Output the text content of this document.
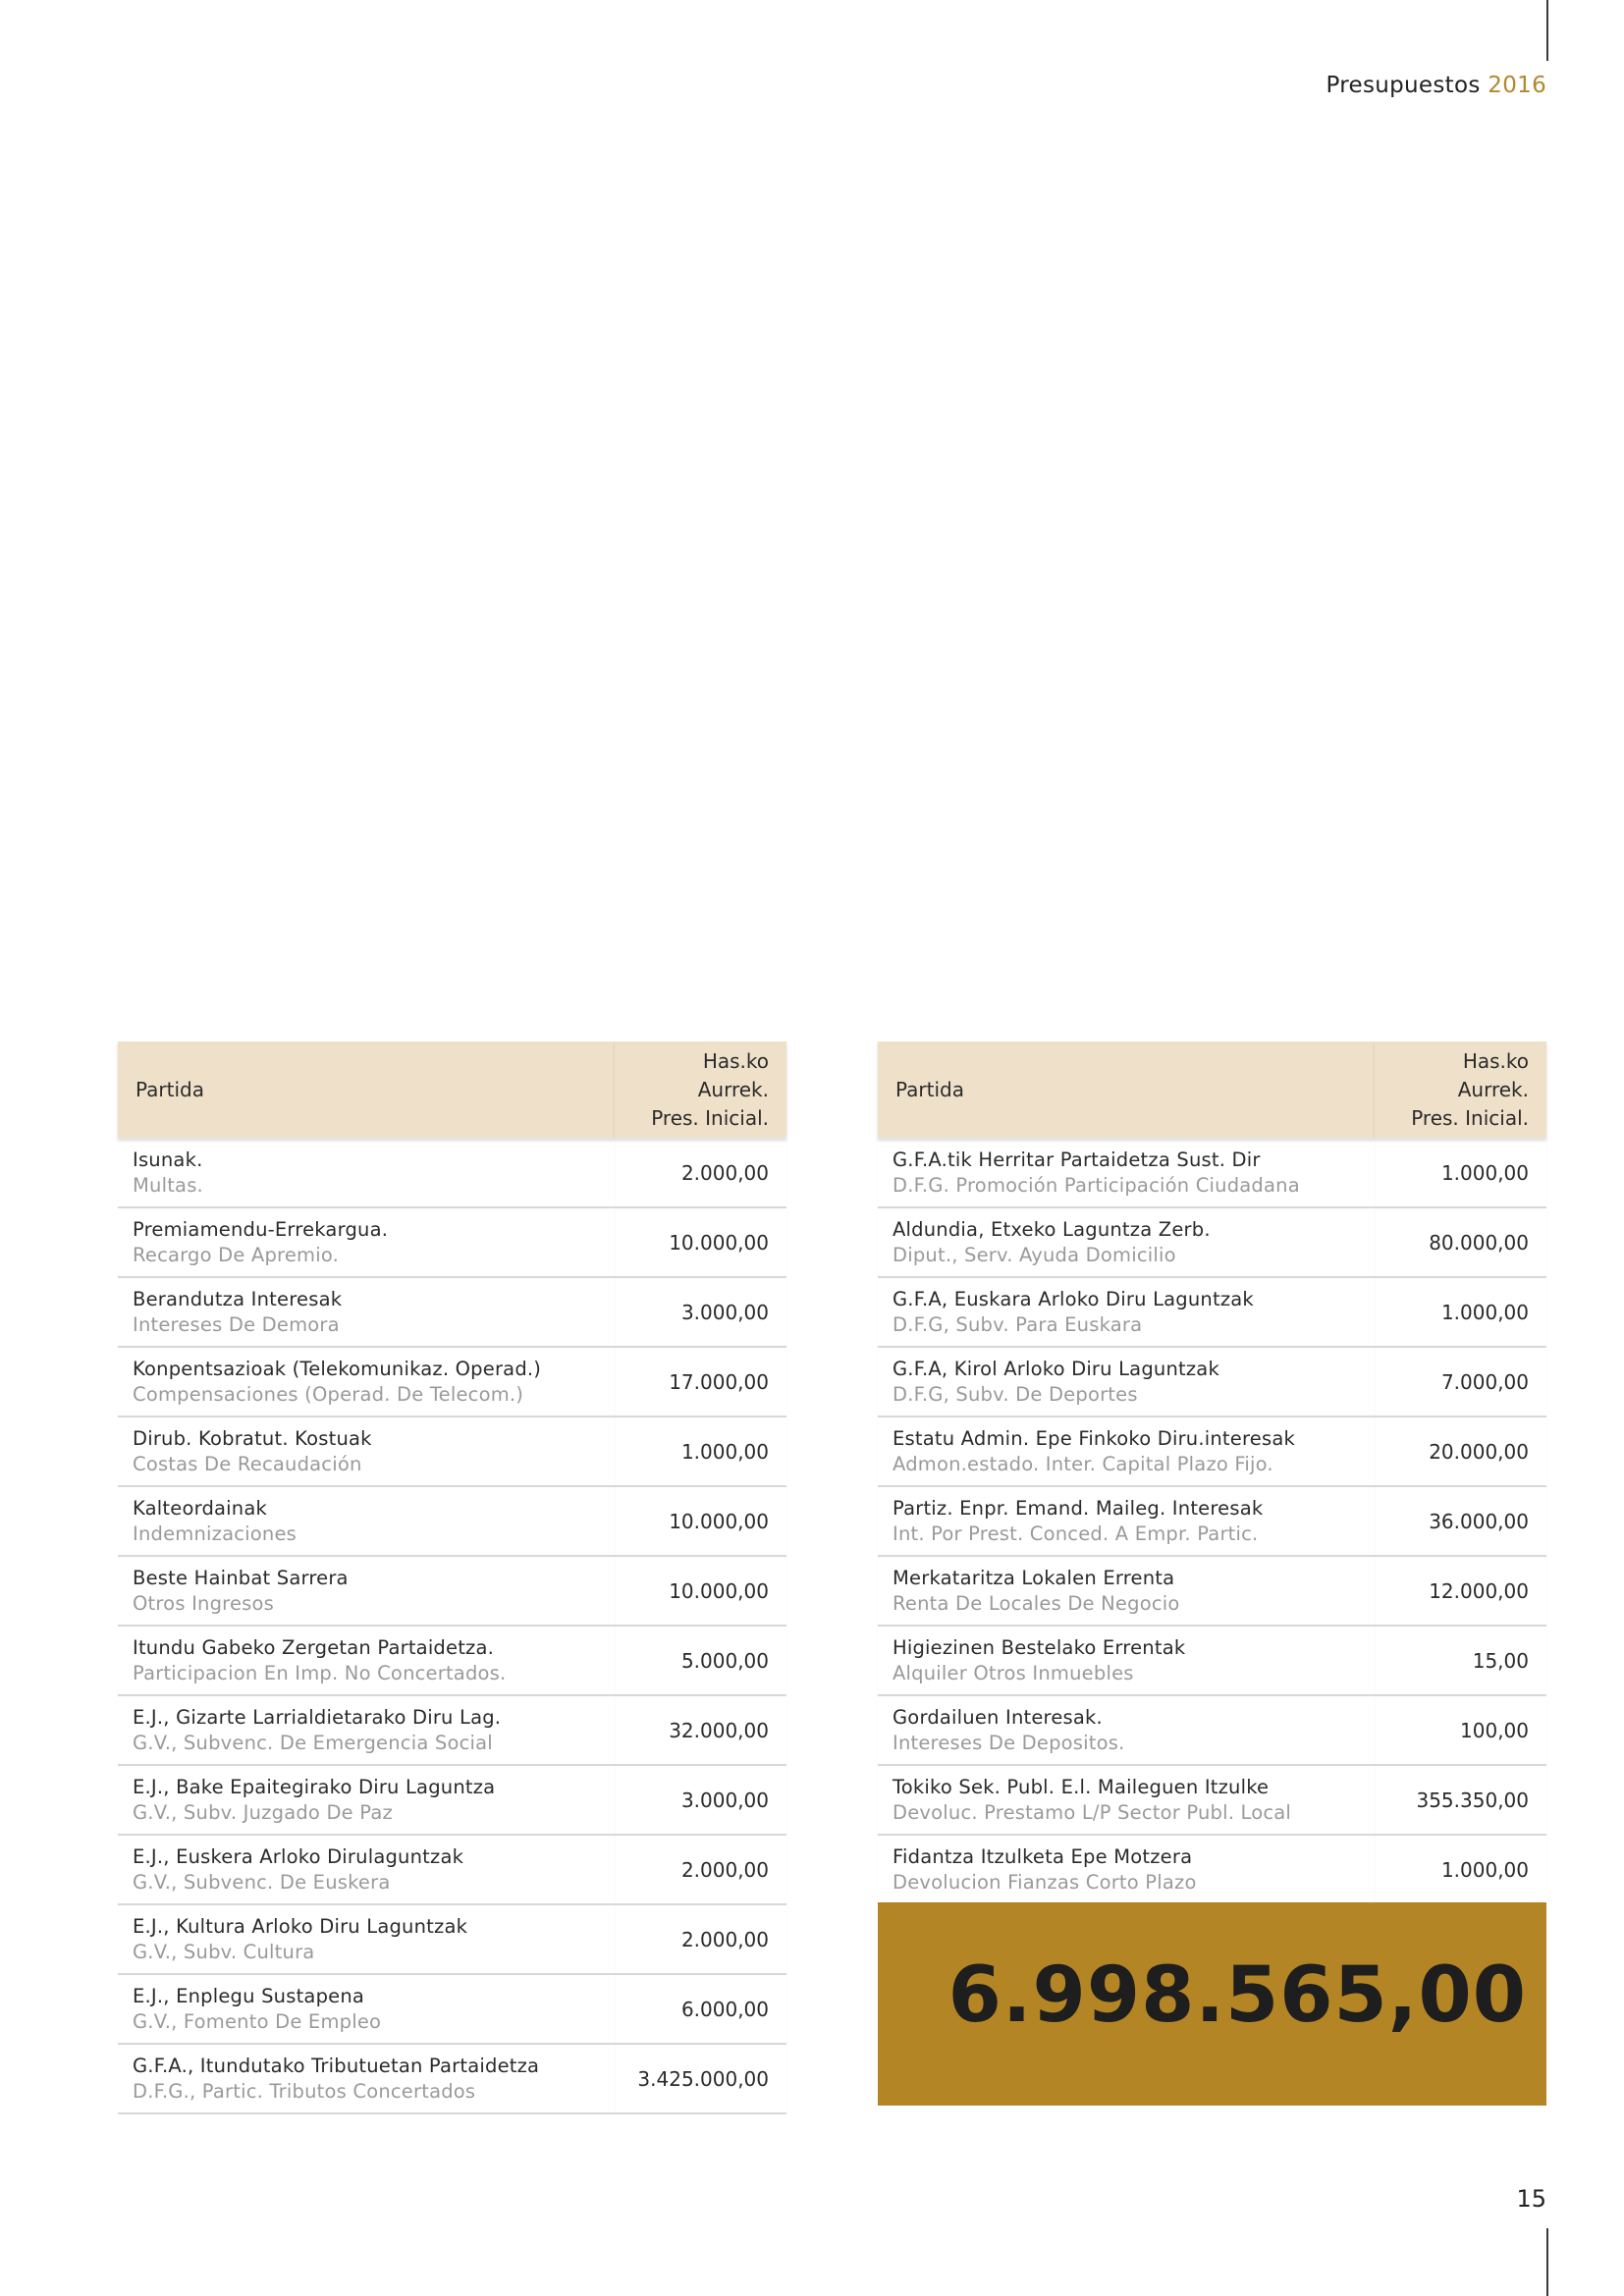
Presupuestos 2016
Partida	Has.ko Aurrek.
Pres. Inicial.

Isunak.
Multas.	2.000,00

Premiamendu-Errekargua.
Recargo De Apremio.	10.000,00

Berandutza Interesak
Intereses De Demora	3.000,00

Konpentsazioak (Telekomunikaz. Operad.)
Compensaciones (Operad. De Telecom.)	17.000,00

Dirub. Kobratut. Kostuak
Costas De Recaudación	1.000,00

Kalteordainak
Indemnizaciones	10.000,00

Beste Hainbat Sarrera
Otros Ingresos	10.000,00

Itundu Gabeko Zergetan Partaidetza.
Participacion En Imp. No Concertados.	5.000,00

E.J., Gizarte Larrialdietarako Diru Lag.
G.V., Subvenc. De Emergencia Social	32.000,00

E.J., Bake Epaitegirako Diru Laguntza
G.V., Subv. Juzgado De Paz	3.000,00

E.J., Euskera Arloko Dirulaguntzak
G.V., Subvenc. De Euskera	2.000,00

E.J., Kultura Arloko Diru Laguntzak
G.V., Subv. Cultura	2.000,00

E.J., Enplegu Sustapena
G.V., Fomento De Empleo	6.000,00

G.F.A., Itundutako Tributuetan Partaidetza
D.F.G., Partic. Tributos Concertados	3.425.000,00
Partida	Has.ko Aurrek.
Pres. Inicial.

G.F.A.tik Herritar Partaidetza Sust. Dir
D.F.G. Promoción Participación Ciudadana	1.000,00

Aldundia, Etxeko Laguntza Zerb.
Diput., Serv. Ayuda Domicilio	80.000,00

G.F.A, Euskara Arloko Diru Laguntzak
D.F.G, Subv. Para Euskara	1.000,00

G.F.A, Kirol Arloko Diru Laguntzak
D.F.G, Subv. De Deportes	7.000,00

Estatu Admin. Epe Finkoko Diru.interesak
Admon.estado. Inter. Capital Plazo Fijo.	20.000,00

Partiz. Enpr. Emand. Maileg. Interesak
Int. Por Prest. Conced. A Empr. Partic.	36.000,00

Merkataritza Lokalen Errenta
Renta De Locales De Negocio	12.000,00

Higiezinen Bestelako Errentak
Alquiler Otros Inmuebles	15,00

Gordailuen Interesak.
Intereses De Depositos.	100,00

Tokiko Sek. Publ. E.l. Maileguen Itzulke
Devoluc. Prestamo L/P Sector Publ. Local	355.350,00

Fidantza Itzulketa Epe Motzera
Devolucion Fianzas Corto Plazo	1.000,00
6.998.565,00
15
